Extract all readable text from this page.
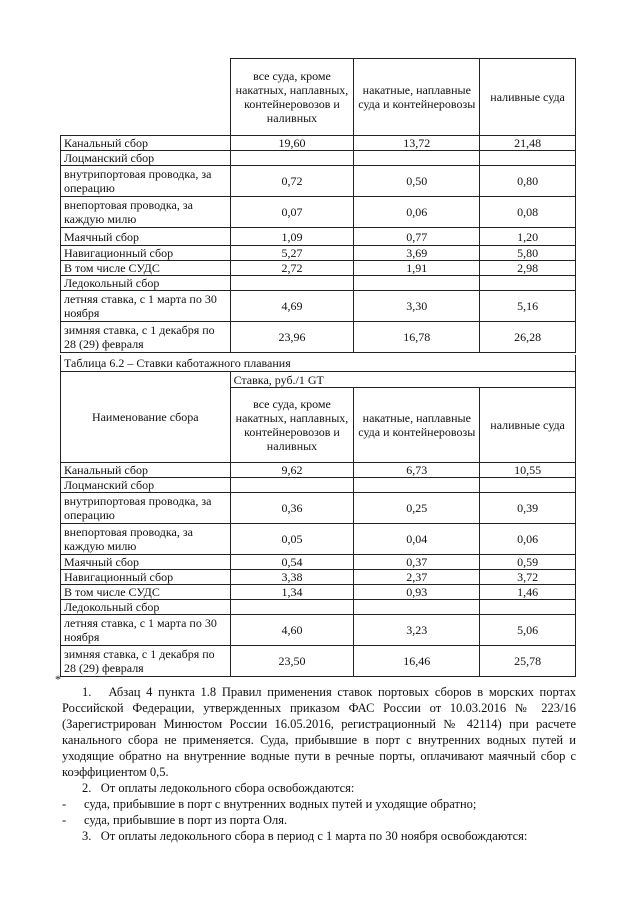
	все суда, кроме накатных, наплавных, контейнеровозов и наливных	накатные, наплавные суда и контейнеровозы	наливные суда
Канальный сбор	19,60	13,72	21,48
Лоцманский сбор			
внутрипортовая проводка, за операцию	0,72	0,50	0,80
внепортовая проводка, за каждую милю	0,07	0,06	0,08
Маячный сбор	1,09	0,77	1,20
Навигационный сбор	5,27	3,69	5,80
В том числе СУДС	2,72	1,91	2,98
Ледокольный сбор			
летняя ставка, с 1 марта по 30 ноября	4,69	3,30	5,16
зимняя ставка, с 1 декабря по 28 (29) февраля	23,96	16,78	26,28
Таблица 6.2 – Ставки каботажного плавания
Наименование сбора	Ставка, руб./1 GT		
	все суда, кроме накатных, наплавных, контейнеровозов и наливных	накатные, наплавные суда и контейнеровозы	наливные суда
Канальный сбор	9,62	6,73	10,55
Лоцманский сбор			
внутрипортовая проводка, за операцию	0,36	0,25	0,39
внепортовая проводка, за каждую милю	0,05	0,04	0,06
Маячный сбор	0,54	0,37	0,59
Навигационный сбор	3,38	2,37	3,72
В том числе СУДС	1,34	0,93	1,46
Ледокольный сбор			
летняя ставка, с 1 марта по 30 ноября	4,60	3,23	5,06
зимняя ставка, с 1 декабря по 28 (29) февраля	23,50	16,46	25,78
*

1.   Абзац 4 пункта 1.8 Правил применения ставок портовых сборов в морских портах Российской Федерации, утвержденных приказом ФАС России от 10.03.2016 № 223/16 (Зарегистрирован Минюстом России 16.05.2016, регистрационный № 42114) при расчете канального сбора не применяется. Суда, прибывшие в порт с внутренних водных путей и уходящие обратно на внутренние водные пути в речные порты, оплачивают маячный сбор с коэффициентом 0,5.

2.   От оплаты ледокольного сбора освобождаются:

- суда, прибывшие в порт с внутренних водных путей и уходящие обратно;

- суда, прибывшие в порт из порта Оля.

3.   От оплаты ледокольного сбора в период с 1 марта по 30 ноября освобождаются:
